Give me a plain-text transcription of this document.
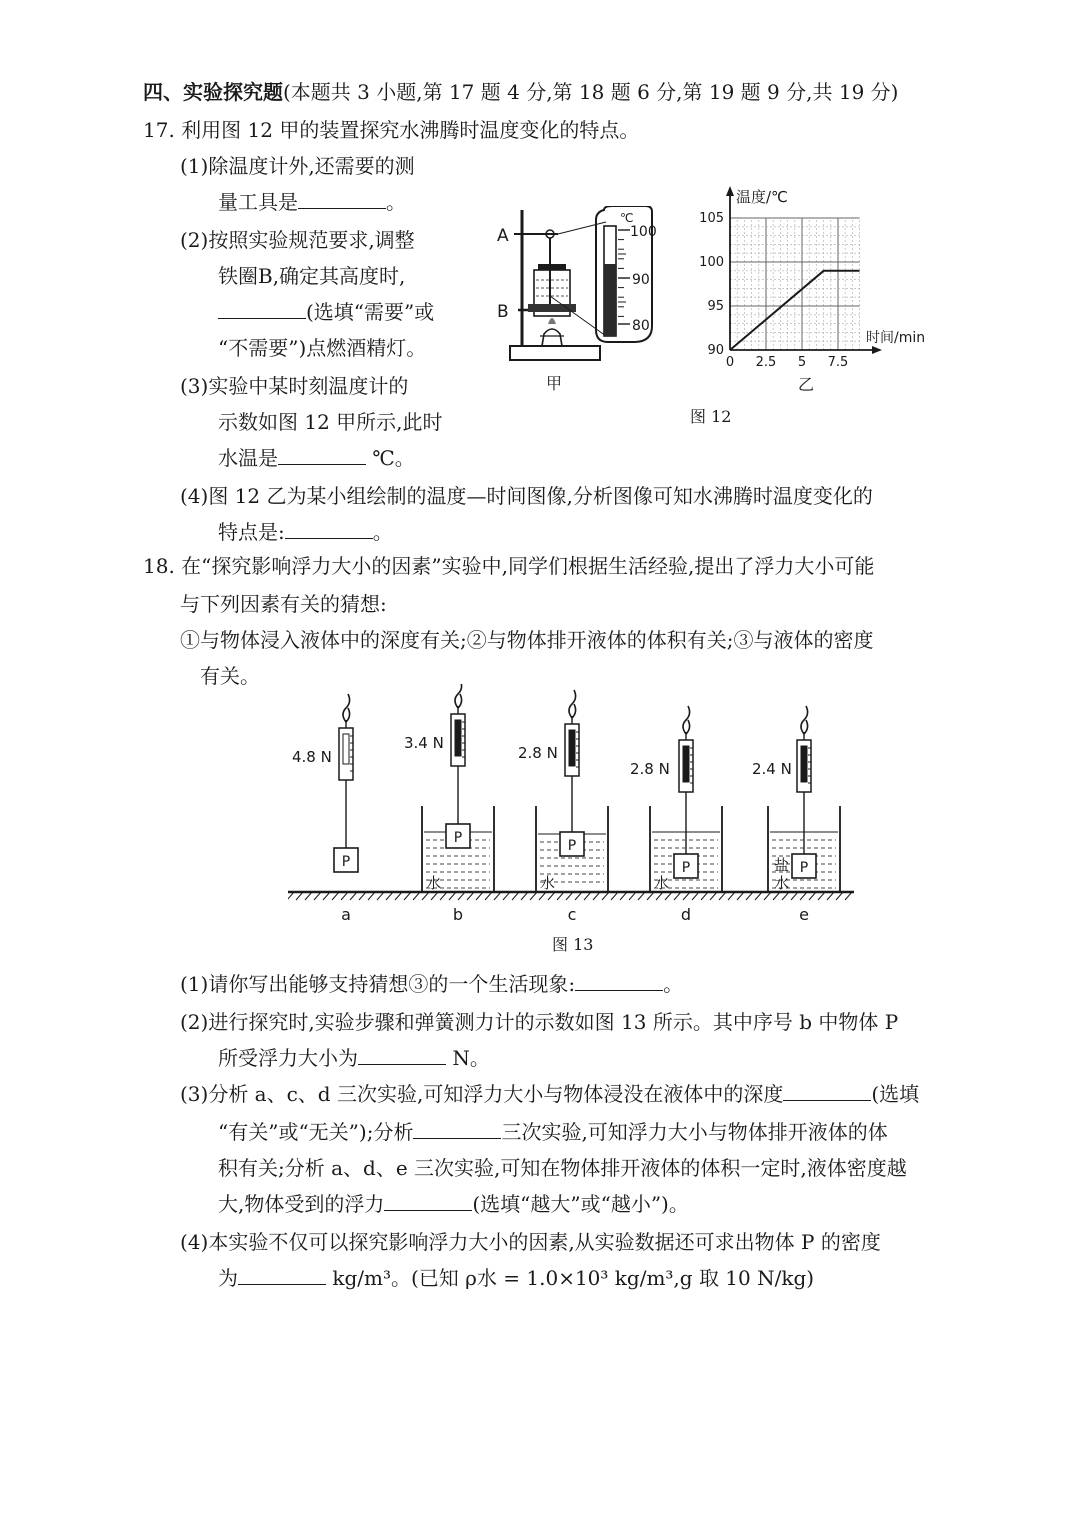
四、实验探究题(本题共 3 小题,第 17 题 4 分,第 18 题 6 分,第 19 题 9 分,共 19 分)
17. 利用图 12 甲的装置探究水沸腾时温度变化的特点。
(1)除温度计外,还需要的测
量工具是	。
(2)按照实验规范要求,调整
铁圈B,确定其高度时,
(选填“需要”或
“不需要”)点燃酒精灯。
(3)实验中某时刻温度计的
示数如图 12 甲所示,此时
水温是	℃。
(4)图 12 乙为某小组绘制的温度—时间图像,分析图像可知水沸腾时温度变化的
特点是:	。
A
B
甲
℃
100
90
80
0 2.5 5 7.5
90
95
100
105
温度/℃
时间/min
乙
图 12
18. 在“探究影响浮力大小的因素”实验中,同学们根据生活经验,提出了浮力大小可能
与下列因素有关的猜想:
①与物体浸入液体中的深度有关;②与物体排开液体的体积有关;③与液体的密度
有关。
4.8 N
P
a
3.4 N
水
P
b
2.8 N
水
P
c
2.8 N
水
P
d
2.4 N
盐
水
P
e
图 13
(1)请你写出能够支持猜想③的一个生活现象:	。
(2)进行探究时,实验步骤和弹簧测力计的示数如图 13 所示。其中序号 b 中物体 P
所受浮力大小为	N。
(3)分析 a、c、d 三次实验,可知浮力大小与物体浸没在液体中的深度	(选填
“有关”或“无关”);分析	三次实验,可知浮力大小与物体排开液体的体
积有关;分析 a、d、e 三次实验,可知在物体排开液体的体积一定时,液体密度越
大,物体受到的浮力	(选填“越大”或“越小”)。
(4)本实验不仅可以探究影响浮力大小的因素,从实验数据还可求出物体 P 的密度
为	kg/m³。(已知 ρ水 = 1.0×10³ kg/m³,g 取 10 N/kg)
